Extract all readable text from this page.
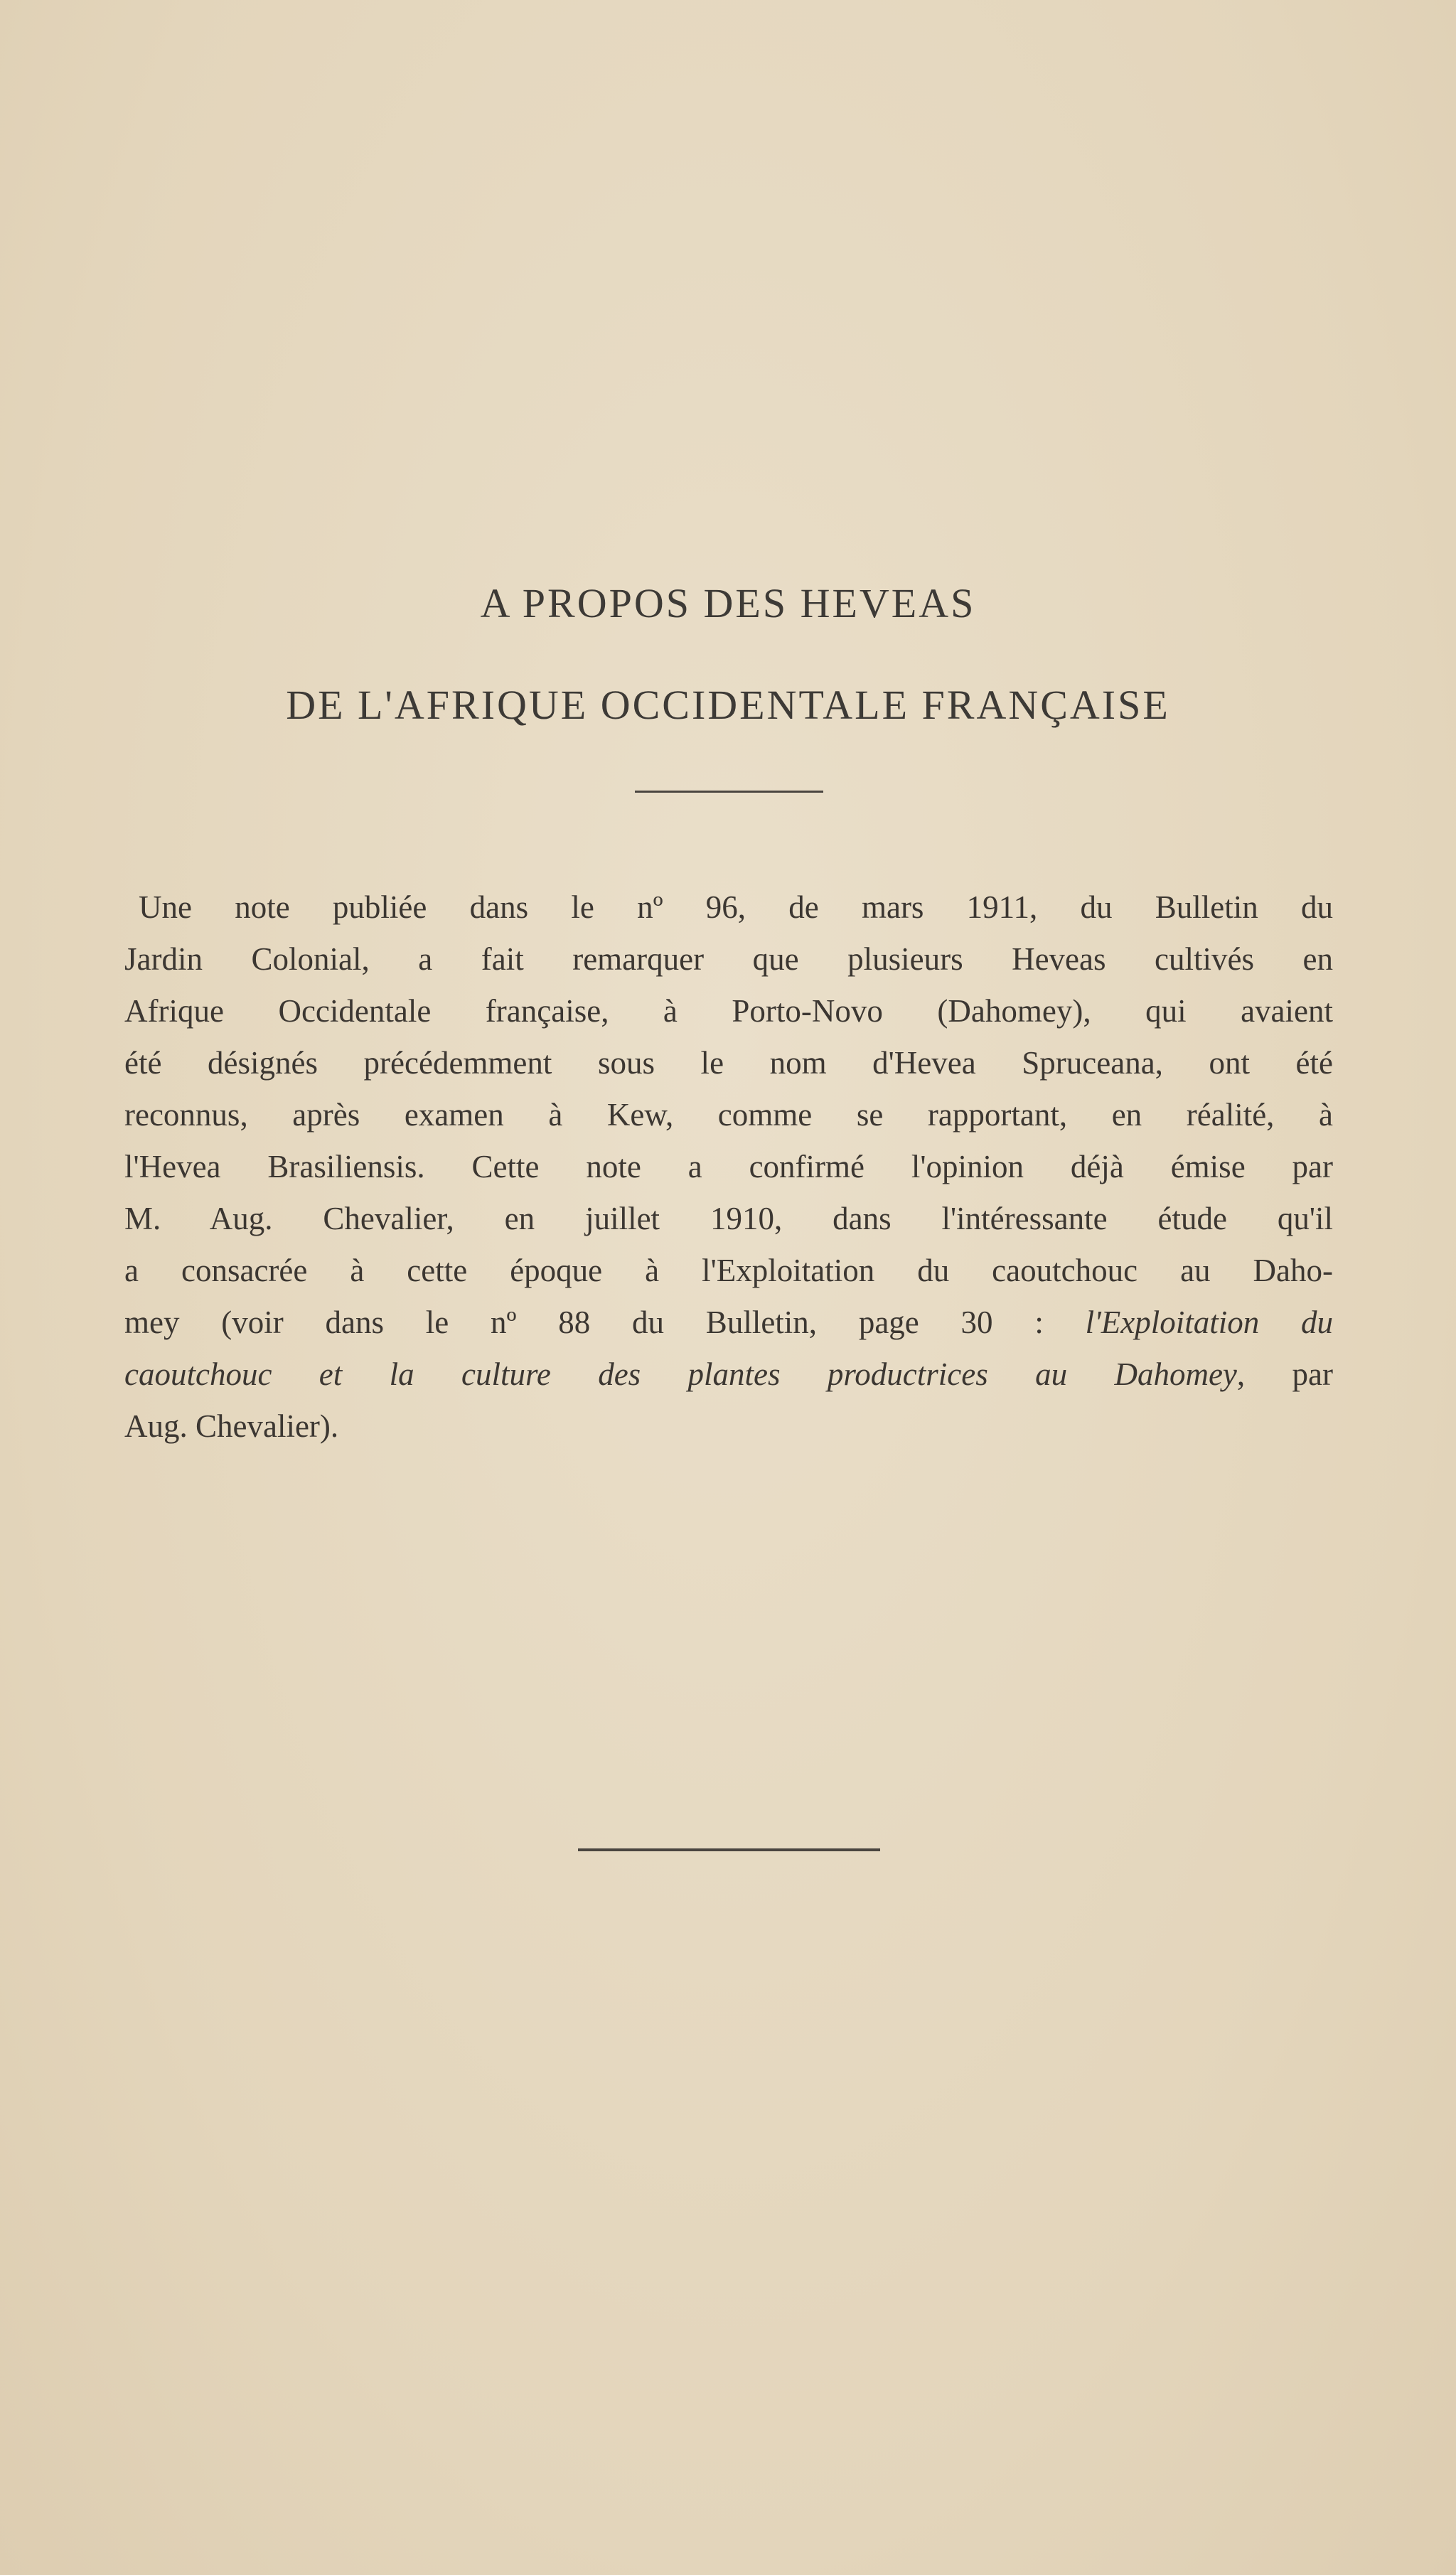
A PROPOS DES HEVEAS
DE L'AFRIQUE OCCIDENTALE FRANÇAISE
Une note publiée dans le nº 96, de mars 1911, du Bulletin du
Jardin Colonial, a fait remarquer que plusieurs Heveas cultivés en
Afrique Occidentale française, à Porto-Novo (Dahomey), qui avaient
été désignés précédemment sous le nom d'Hevea Spruceana, ont été
reconnus, après examen à Kew, comme se rapportant, en réalité, à
l'Hevea Brasiliensis. Cette note a confirmé l'opinion déjà émise par
M. Aug. Chevalier, en juillet 1910, dans l'intéressante étude qu'il
a consacrée à cette époque à l'Exploitation du caoutchouc au Daho-
mey (voir dans le nº 88 du Bulletin, page 30 : l'Exploitation du
caoutchouc et la culture des plantes productrices au Dahomey, par
Aug. Chevalier).
